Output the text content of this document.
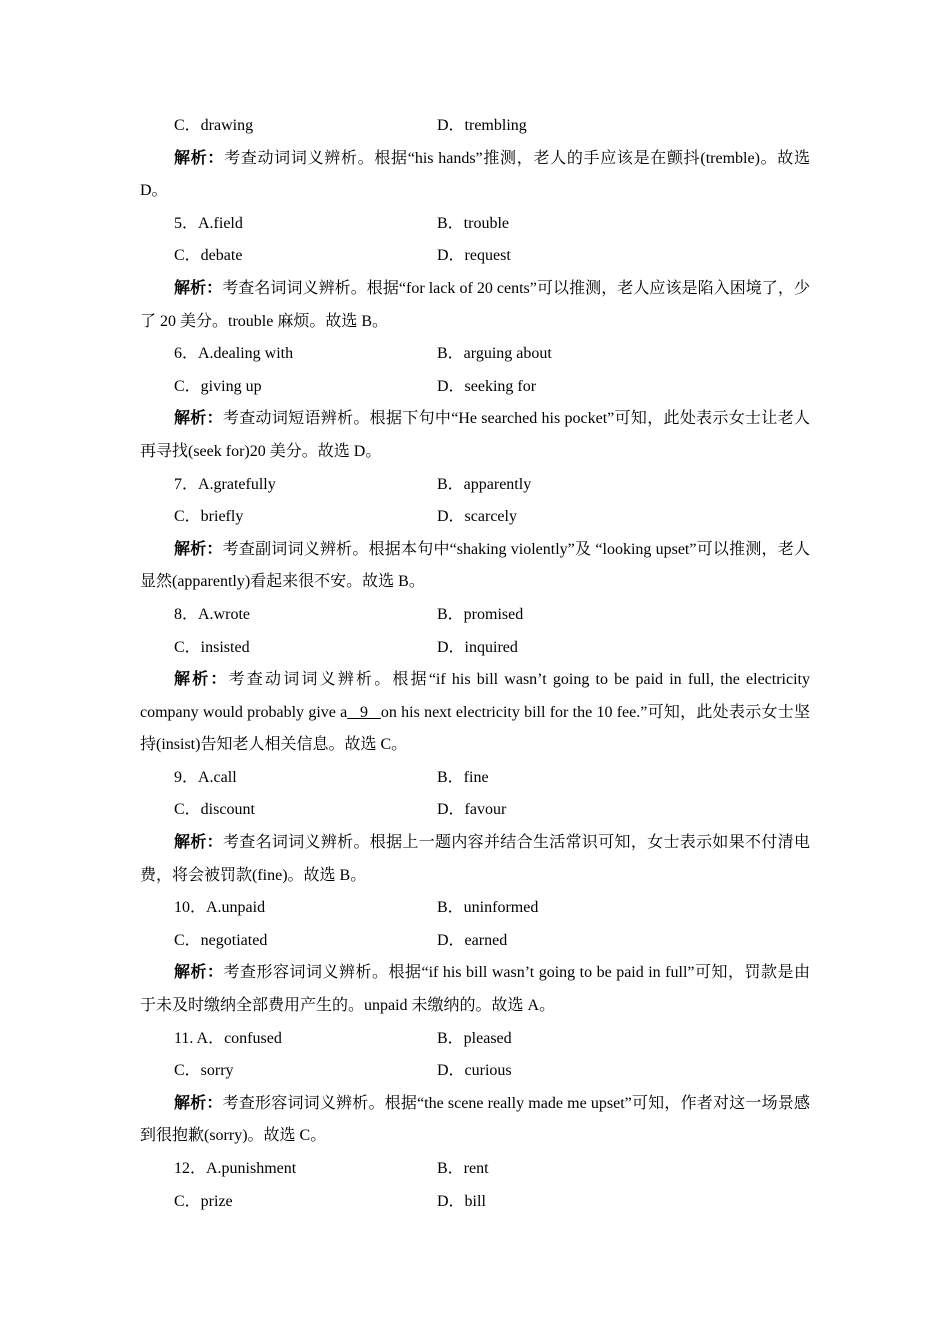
C．drawing	D．trembling

解析：考查动词词义辨析。根据“his hands”推测，老人的手应该是在颤抖(tremble)。故选D。

5．A.field	B．trouble
C．debate	D．request

解析：考查名词词义辨析。根据“for lack of 20 cents”可以推测，老人应该是陷入困境了，少了 20 美分。trouble 麻烦。故选 B。

6．A.dealing with	B．arguing about
C．giving up	D．seeking for

解析：考查动词短语辨析。根据下句中“He searched his pocket”可知，此处表示女士让老人再寻找(seek for)20 美分。故选 D。

7．A.gratefully	B．apparently
C．briefly	D．scarcely

解析：考查副词词义辨析。根据本句中“shaking violently”及 “looking upset”可以推测，老人显然(apparently)看起来很不安。故选 B。

8．A.wrote	B．promised
C．insisted	D．inquired

解析：考查动词词义辨析。根据“if his bill wasn’t going to be paid in full, the electricity company would probably give a   9   on his next electricity bill for the 10 fee.”可知，此处表示女士坚持(insist)告知老人相关信息。故选 C。

9．A.call	B．fine
C．discount	D．favour

解析：考查名词词义辨析。根据上一题内容并结合生活常识可知，女士表示如果不付清电费，将会被罚款(fine)。故选 B。

10．A.unpaid	B．uninformed
C．negotiated	D．earned

解析：考查形容词词义辨析。根据“if his bill wasn’t going to be paid in full”可知，罚款是由于未及时缴纳全部费用产生的。unpaid 未缴纳的。故选 A。

11. A．confused	B．pleased
C．sorry	D．curious

解析：考查形容词词义辨析。根据“the scene really made me upset”可知，作者对这一场景感到很抱歉(sorry)。故选 C。

12．A.punishment	B．rent
C．prize	D．bill
